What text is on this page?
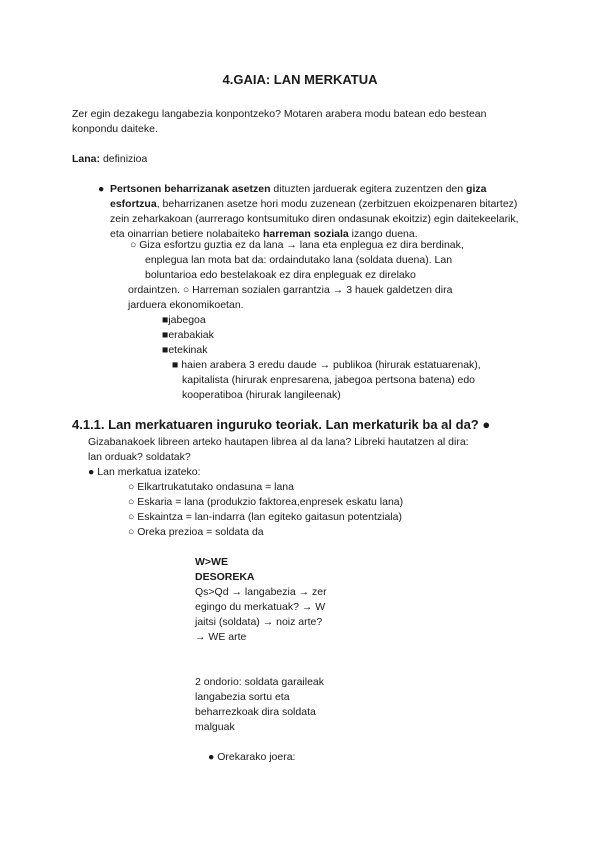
4.GAIA: LAN MERKATUA

Zer egin dezakegu langabezia konpontzeko? Motaren arabera modu batean edo bestean konpondu daiteke.

Lana: definizioa

● Pertsonen beharrizanak asetzen dituzten jarduerak egitera zuzentzen den giza esfortzua, beharrizanen asetze hori modu zuzenean (zerbitzuen ekoizpenaren bitartez) zein zeharkakoan (aurrerago kontsumituko diren ondasunak ekoitziz) egin daitekeelarik, eta oinarrian betiere nolabaiteko harreman soziala izango duena.

○ Giza esfortzu guztia ez da lana → lana eta enplegua ez dira berdinak,

enplegua lan mota bat da: ordaindutako lana (soldata duena). Lan

boluntarioa edo bestelakoak ez dira enpleguak ez direlako

ordaintzen. ○ Harreman sozialen garrantzia → 3 hauek galdetzen dira

jarduera ekonomikoetan.

■jabegoa

■erabakiak

■etekinak

■ haien arabera 3 eredu daude → publikoa (hirurak estatuarenak),

kapitalista (hirurak enpresarena, jabegoa pertsona batena) edo

kooperatiboa (hirurak langileenak)

4.1.1. Lan merkatuaren inguruko teoriak. Lan merkaturik ba al da? ●

Gizabanakoek libreen arteko hautapen librea al da lana? Libreki hautatzen al dira:

lan orduak? soldatak?

● Lan merkatua izateko:

○ Elkartrukatutako ondasuna = lana

○ Eskaria = lana (produkzio faktorea,enpresek eskatu lana)

○ Eskaintza = lan-indarra (lan egiteko gaitasun potentziala)

○ Oreka prezioa = soldata da

W>WE

DESOREKA

Qs>Qd → langabezia → zer

egingo du merkatuak? → W

jaitsi (soldata) → noiz arte?

→ WE arte

2 ondorio: soldata garaileak

langabezia sortu eta

beharrezkoak dira soldata

malguak

● Orekarako joera:
